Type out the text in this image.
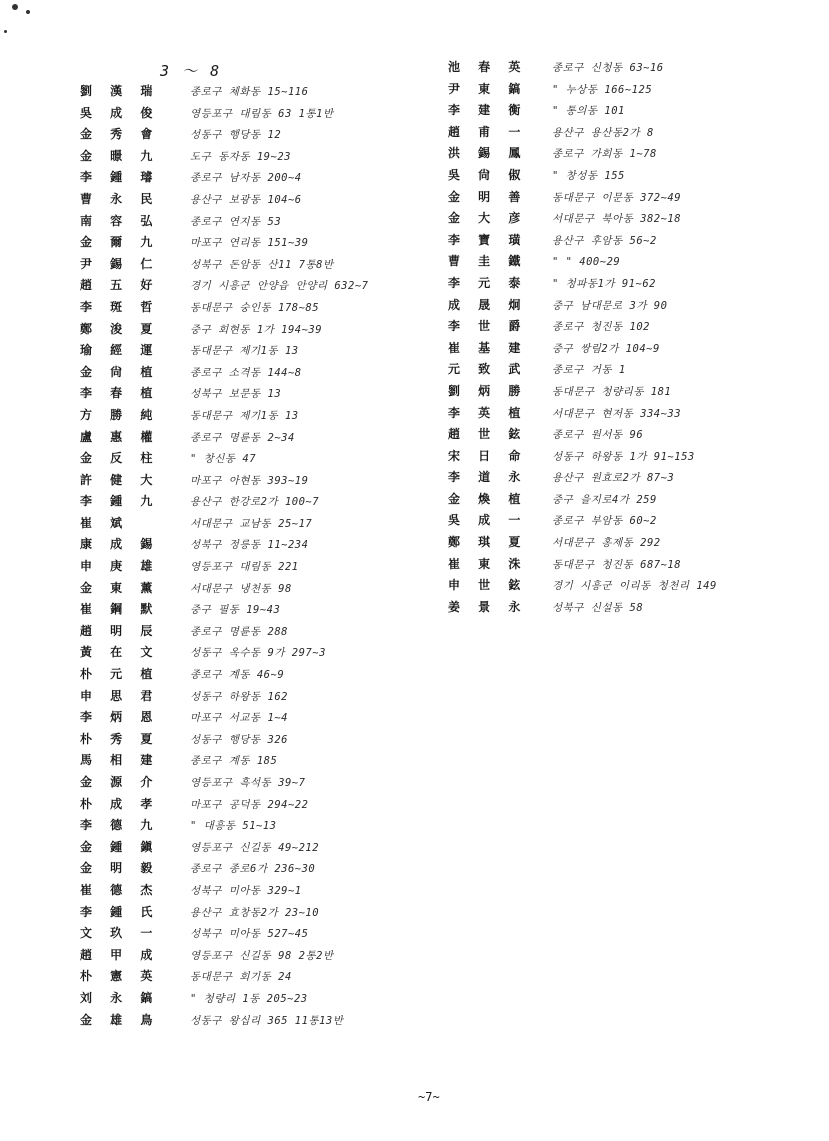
3 ～ 8
劉 漢 瑞	종로구 체화동 15~116
吳 成 俊	영등포구 대림동 63 1통1반
金 秀 會	성동구 행당동 12
金 暻 九	도구 동자동 19~23
李 鍾 璿	종로구 남자동 200~4
曹 永 民	용산구 보광동 104~6
南 容 弘	종로구 연지동 53
金 爾 九	마포구 연리동 151~39
尹 錫 仁	성북구 돈암동 산11 7통8반
趙 五 好	경기 시흥군 안양읍 안양리 632~7
李 斑 哲	동대문구 숭인동 178~85
鄭 浚 夏	중구 회현동 1가 194~39
瑜 經 運	동대문구 제기1동 13
金 尙 植	종로구 소격동 144~8
李 春 植	성북구 보문동 13
方 勝 純	동대문구 제기1동 13
盧 惠 權	종로구 명륜동 2~34
金 反 柱	" 창신동 47
許 健 大	마포구 아현동 393~19
李 鍾 九	용산구 한강로2가 100~7
崔 斌	서대문구 교남동 25~17
康 成 錫	성북구 정릉동 11~234
申 庚 雄	영등포구 대림동 221
金 東 薰	서대문구 냉천동 98
崔 鋼 默	중구 필동 19~43
趙 明 辰	종로구 명륜동 288
黃 在 文	성동구 옥수동 9가 297~3
朴 元 植	종로구 계동 46~9
申 思 君	성동구 하왕동 162
李 炳 恩	마포구 서교동 1~4
朴 秀 夏	성동구 행당동 326
馬 相 建	종로구 계동 185
金 源 介	영등포구 흑석동 39~7
朴 成 孝	마포구 공덕동 294~22
李 德 九	" 대흥동 51~13
金 鍾 鎭	영등포구 신길동 49~212
金 明 毅	종로구 종로6가 236~30
崔 德 杰	성북구 미아동 329~1
李 鍾 氏	용산구 효창동2가 23~10
文 玖 一	성북구 미아동 527~45
趙 甲 成	영등포구 신길동 98 2통2반
朴 憲 英	동대문구 회기동 24
刘 永 鎬	" 청량리 1동 205~23
金 雄 鳥	성동구 왕십리 365 11통13반
池 春 英	종로구 신청동 63~16
尹 東 鎬	" 누상동 166~125
李 建 衡	" 통의동 101
趙 甫 一	용산구 용산동2가 8
洪 錫 鳳	종로구 가회동 1~78
吳 尙 俶	" 창성동 155
金 明 善	동대문구 이문동 372~49
金 大 彦	서대문구 북아동 382~18
李 寶 璜	용산구 후암동 56~2
曹 圭 鐵	" " 400~29
李 元 泰	" 청파동1가 91~62
成 晟 炯	중구 남대문로 3가 90
李 世 爵	종로구 청진동 102
崔 基 建	중구 쌍림2가 104~9
元 致 武	종로구 거동 1
劉 炳 勝	동대문구 청량리동 181
李 英 植	서대문구 현저동 334~33
趙 世 鉉	종로구 원서동 96
宋 日 命	성동구 하왕동 1가 91~153
李 道 永	용산구 원효로2가 87~3
金 煥 植	중구 을지로4가 259
吳 成 一	종로구 부암동 60~2
鄭 琪 夏	서대문구 홍제동 292
崔 東 洙	동대문구 청진동 687~18
申 世 鉉	경기 시흥군 이리동 청천리 149
姜 景 永	성북구 신설동 58
~7~
